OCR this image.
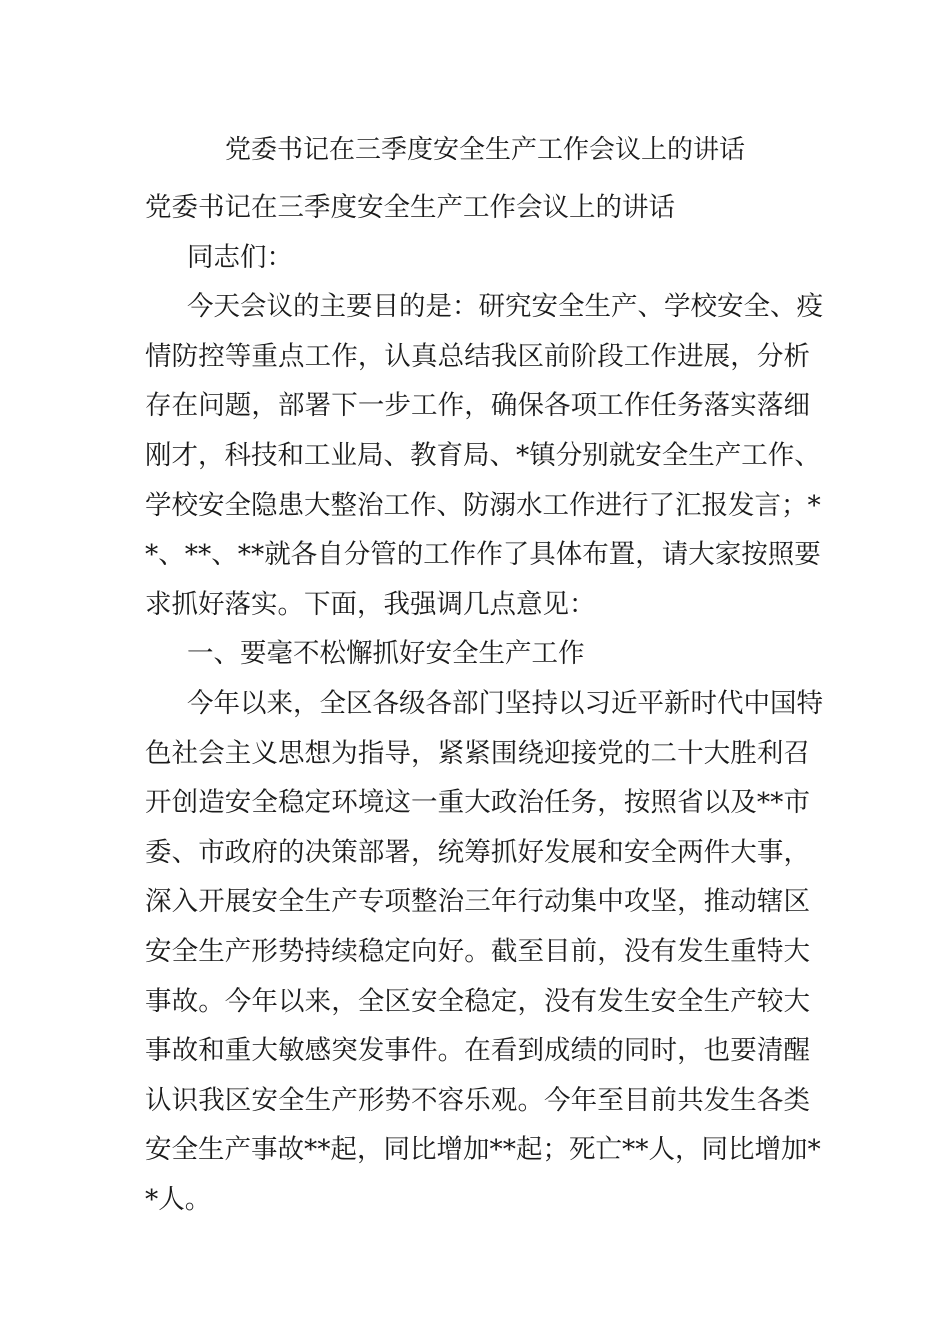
党委书记在三季度安全生产工作会议上的讲话
党委书记在三季度安全生产工作会议上的讲话
同志们：
今天会议的主要目的是：研究安全生产、学校安全、疫
情防控等重点工作，认真总结我区前阶段工作进展，分析
存在问题，部署下一步工作，确保各项工作任务落实落细
刚才，科技和工业局、教育局、*镇分别就安全生产工作、
学校安全隐患大整治工作、防溺水工作进行了汇报发言；*
*、**、**就各自分管的工作作了具体布置，请大家按照要
求抓好落实。下面，我强调几点意见：
一、要毫不松懈抓好安全生产工作
今年以来，全区各级各部门坚持以习近平新时代中国特
色社会主义思想为指导，紧紧围绕迎接党的二十大胜利召
开创造安全稳定环境这一重大政治任务，按照省以及**市
委、市政府的决策部署，统筹抓好发展和安全两件大事，
深入开展安全生产专项整治三年行动集中攻坚，推动辖区
安全生产形势持续稳定向好。截至目前，没有发生重特大
事故。今年以来，全区安全稳定，没有发生安全生产较大
事故和重大敏感突发事件。在看到成绩的同时，也要清醒
认识我区安全生产形势不容乐观。今年至目前共发生各类
安全生产事故**起，同比增加**起；死亡**人，同比增加*
*人。
